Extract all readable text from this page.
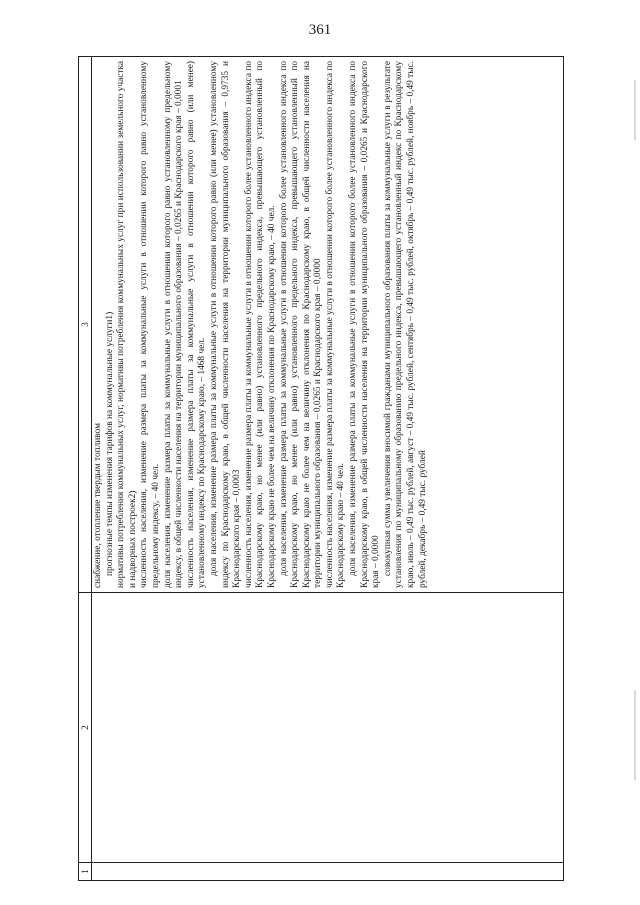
361
1
2
3

снабжение, отопление твердым топливом прогнозные темпы изменения тарифов на коммунальные услуги1) нормативы потребления коммунальных услуг, нормативы потребления коммунальных услуг при использовании земельного участка и надворных построек2) численность населения, изменение размера платы за коммунальные услуги в отношении которого равно установленному предельному индексу, – 40 чел. доля населения, изменение размера платы за коммунальные услуги в отношении которого равно установленному предельному индексу, в общей численности населения на территории муниципального образования – 0,0265 и Краснодарского края – 0,0001 численность населения, изменение размера платы за коммунальные услуги в отношении которого равно (или менее) установленному индексу по Краснодарскому краю, – 1468 чел. доля населения, изменение размера платы за коммунальные услуги в отношении которого равно (или менее) установленному индексу по Краснодарскому краю, в общей численности населения на территории муниципального образования – 0,9735 и Краснодарского края – 0,0003 численность населения, изменение размера платы за коммунальные услуги в отношении которого более установленного индекса по Краснодарскому краю, но менее (или равно) установленного предельного индекса, превышающего установленный по Краснодарскому краю не более чем на величину отклонения по Краснодарскому краю, – 40 чел. доля населения, изменение размера платы за коммунальные услуги в отношении которого более установленного индекса по Краснодарскому краю, но менее (или равно) установленного предельного индекса, превышающего установленный по Краснодарскому краю не более чем на величину отклонения по Краснодарскому краю, в общей численности населения на территории муниципального образования – 0,0265 и Краснодарского края – 0,0000 численность населения, изменение размера платы за коммунальные услуги в отношении которого более установленного индекса по Краснодарскому краю – 40 чел. доля населения, изменение размера платы за коммунальные услуги в отношении которого более установленного индекса по Краснодарскому краю, в общей численности населения на территории муниципального образования – 0,0265 и Краснодарского края – 0,0000 совокупная сумма увеличения вносимой гражданами муниципального образования платы за коммунальные услуги в результате установления по муниципальному образованию предельного индекса, превышающего установленный индекс по Краснодарскому краю, июль – 0,49 тыс. рублей, август – 0,49 тыс. рублей, сентябрь – 0,49 тыс. рублей, октябрь – 0,49 тыс. рублей, ноябрь – 0,49 тыс. рублей, декабрь – 0,49 тыс. рублей
